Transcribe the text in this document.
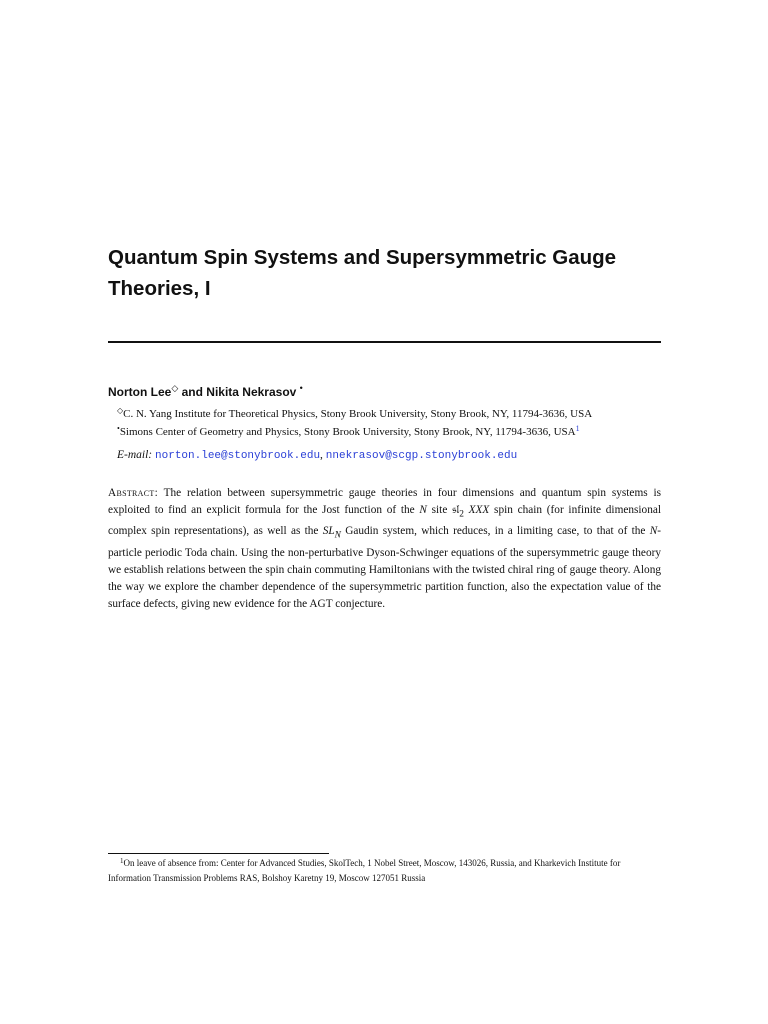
Quantum Spin Systems and Supersymmetric Gauge Theories, I
Norton Lee◇ and Nikita Nekrasov •
◇C. N. Yang Institute for Theoretical Physics, Stony Brook University, Stony Brook, NY, 11794-3636, USA
•Simons Center of Geometry and Physics, Stony Brook University, Stony Brook, NY, 11794-3636, USA$^1$
E-mail: norton.lee@stonybrook.edu, nnekrasov@scgp.stonybrook.edu

Abstract: The relation between supersymmetric gauge theories in four dimensions and quantum spin systems is exploited to find an explicit formula for the Jost function of the N site 𝔰𝔩$_2$ XXX spin chain (for infinite dimensional complex spin representations), as well as the $SL_N$ Gaudin system, which reduces, in a limiting case, to that of the N-particle periodic Toda chain. Using the non-perturbative Dyson-Schwinger equations of the supersymmetric gauge theory we establish relations between the spin chain commuting Hamiltonians with the twisted chiral ring of gauge theory. Along the way we explore the chamber dependence of the supersymmetric partition function, also the expectation value of the surface defects, giving new evidence for the AGT conjecture.

$^1$On leave of absence from: Center for Advanced Studies, SkolTech, 1 Nobel Street, Moscow, 143026, Russia, and Kharkevich Institute for Information Transmission Problems RAS, Bolshoy Karetny 19, Moscow 127051 Russia
